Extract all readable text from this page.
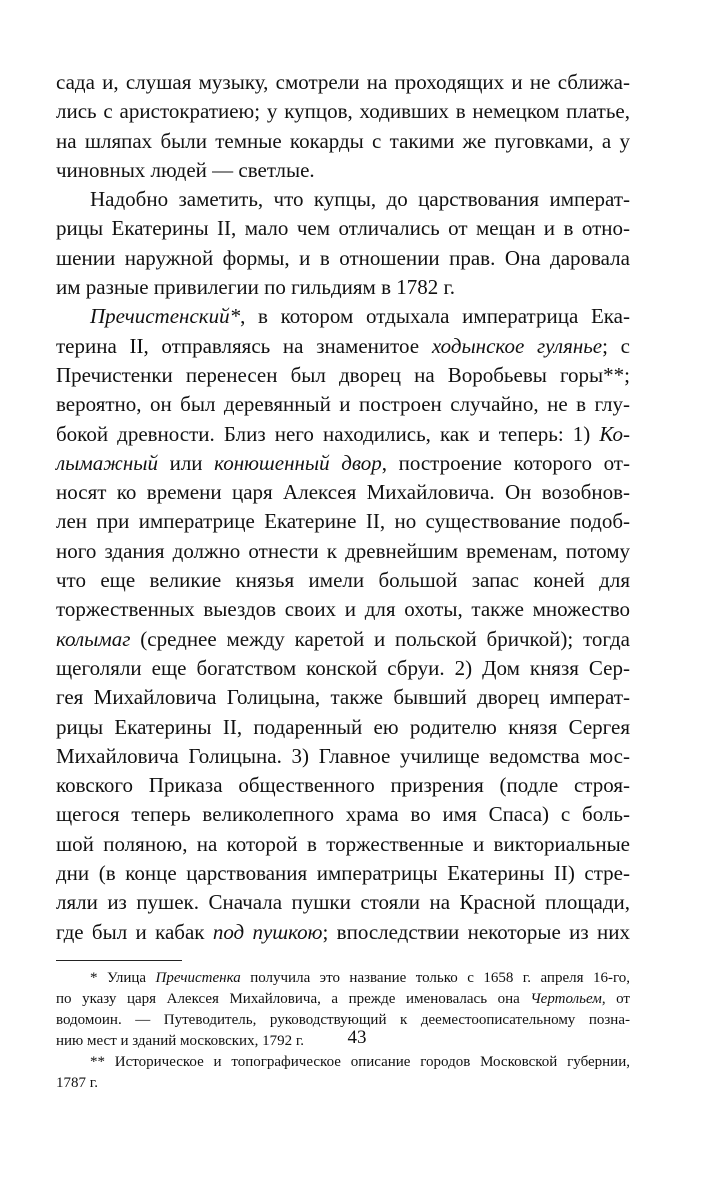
сада и, слушая музыку, смотрели на проходящих и не сближа-
лись с аристократиею; у купцов, ходивших в немецком платье,
на шляпах были темные кокарды с такими же пуговками, а у
чиновных людей — светлые.
Надобно заметить, что купцы, до царствования императ-
рицы Екатерины II, мало чем отличались от мещан и в отно-
шении наружной формы, и в отношении прав. Она даровала
им разные привилегии по гильдиям в 1782 г.
Пречистенский*, в котором отдыхала императрица Ека-
терина II, отправляясь на знаменитое ходынское гулянье; с
Пречистенки перенесен был дворец на Воробьевы горы**;
вероятно, он был деревянный и построен случайно, не в глу-
бокой древности. Близ него находились, как и теперь: 1) Ко-
лымажный или конюшенный двор, построение которого от-
носят ко времени царя Алексея Михайловича. Он возобнов-
лен при императрице Екатерине II, но существование подоб-
ного здания должно отнести к древнейшим временам, потому
что еще великие князья имели большой запас коней для
торжественных выездов своих и для охоты, также множество
колымаг (среднее между каретой и польской бричкой); тогда
щеголяли еще богатством конской сбруи. 2) Дом князя Сер-
гея Михайловича Голицына, также бывший дворец императ-
рицы Екатерины II, подаренный ею родителю князя Сергея
Михайловича Голицына. 3) Главное училище ведомства мос-
ковского Приказа общественного призрения (подле строя-
щегося теперь великолепного храма во имя Спаса) с боль-
шой поляною, на которой в торжественные и викториальные
дни (в конце царствования императрицы Екатерины II) стре-
ляли из пушек. Сначала пушки стояли на Красной площади,
где был и кабак под пушкою; впоследствии некоторые из них
* Улица Пречистенка получила это название только с 1658 г. апреля 16-го,
по указу царя Алексея Михайловича, а прежде именовалась она Чертольем, от
водомоин. — Путеводитель, руководствующий к дееместоописательному позна-
нию мест и зданий московских, 1792 г.
** Историческое и топографическое описание городов Московской губернии,
1787 г.
43
